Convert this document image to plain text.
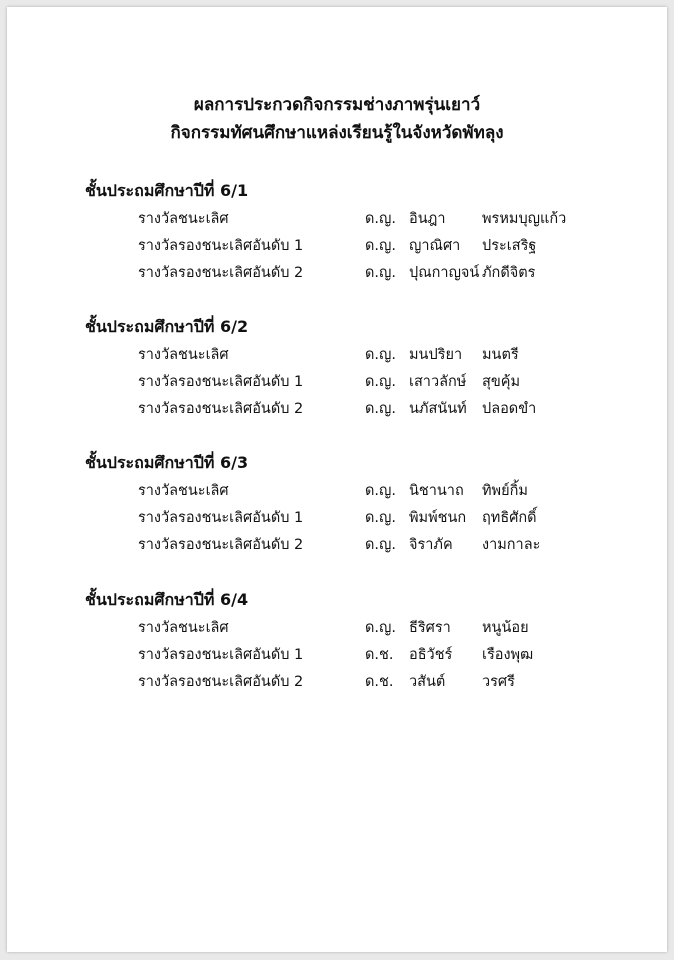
ผลการประกวดกิจกรรมช่างภาพรุ่นเยาว์
กิจกรรมทัศนศึกษาแหล่งเรียนรู้ในจังหวัดพัทลุง
ชั้นประถมศึกษาปีที่ 6/1
รางวัลชนะเลิศ	ด.ญ. อินฎา	พรหมบุญแก้ว
รางวัลรองชนะเลิศอันดับ 1	ด.ญ. ญาณิศา ประเสริฐ
รางวัลรองชนะเลิศอันดับ 2	ด.ญ. ปุณกาญจน์ ภักดีจิตร
ชั้นประถมศึกษาปีที่ 6/2
รางวัลชนะเลิศ	ด.ญ. มนปริยา มนตรี
รางวัลรองชนะเลิศอันดับ 1	ด.ญ. เสาวลักษ์ สุขคุ้ม
รางวัลรองชนะเลิศอันดับ 2	ด.ญ. นภัสนันท์ ปลอดขำ
ชั้นประถมศึกษาปีที่ 6/3
รางวัลชนะเลิศ	ด.ญ. นิชานาถ ทิพย์กิ้ม
รางวัลรองชนะเลิศอันดับ 1	ด.ญ. พิมพ์ชนก ฤทธิศักดิ์
รางวัลรองชนะเลิศอันดับ 2	ด.ญ. จิราภัค งามกาละ
ชั้นประถมศึกษาปีที่ 6/4
รางวัลชนะเลิศ	ด.ญ. ธีริศรา หนูน้อย
รางวัลรองชนะเลิศอันดับ 1	ด.ช. อธิวัชร์ เรืองพุฒ
รางวัลรองชนะเลิศอันดับ 2	ด.ช. วสันต์	วรศรี
